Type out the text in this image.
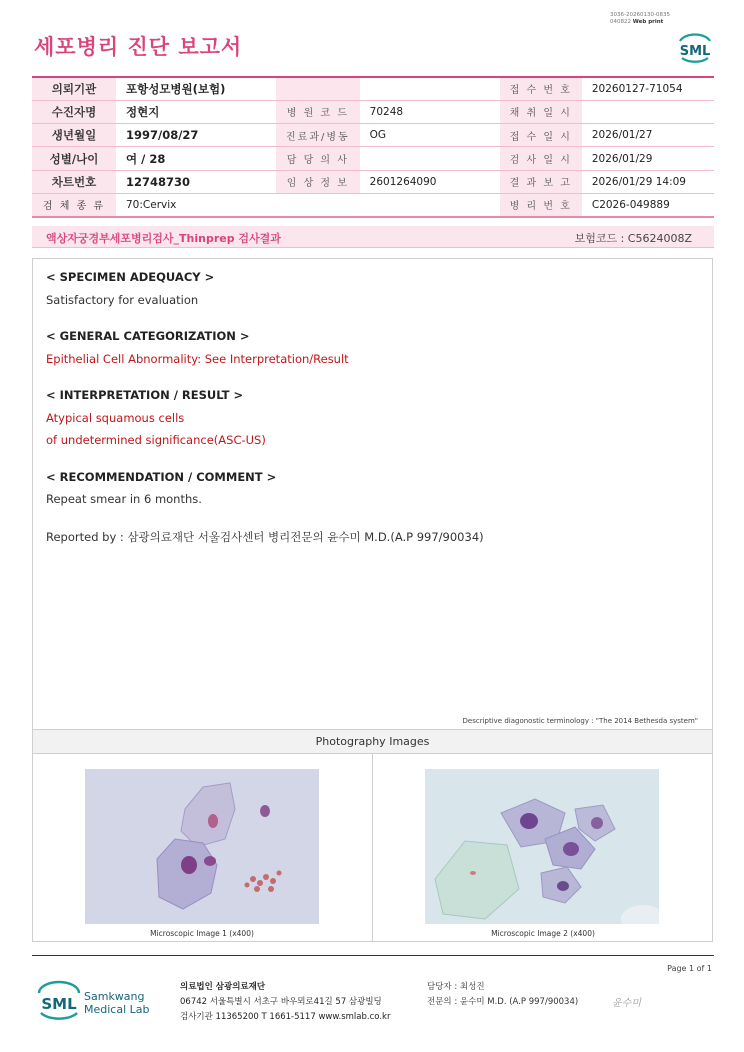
3036-20260130-0835
040822 Web print
세포병리 진단 보고서	SML
의뢰기관	포항성모병원(보험)			접 수 번 호	20260127-71054
수진자명	정현지	병 원 코 드	70248	채 취 일 시	
생년월일	1997/08/27	진료과/병동	OG	접 수 일 시	2026/01/27
성별/나이	여 / 28	담 당 의 사		검 사 일 시	2026/01/29
차트번호	12748730	임 상 정 보	2601264090	결 과 보 고	2026/01/29 14:09
검 체 종 류	70:Cervix			병 리 번 호	C2026-049889
액상자궁경부세포병리검사_Thinprep 검사결과	보험코드 : C5624008Z
< SPECIMEN ADEQUACY >
Satisfactory for evaluation
< GENERAL CATEGORIZATION >
Epithelial Cell Abnormality: See Interpretation/Result
< INTERPRETATION / RESULT >
Atypical squamous cells
of undetermined significance(ASC-US)
< RECOMMENDATION / COMMENT >
Repeat smear in 6 months.
Reported by : 삼광의료재단 서울검사센터 병리전문의 윤수미 M.D.(A.P 997/90034)
Descriptive diagonostic terminology : "The 2014 Bethesda system"
Photography Images
Microscopic Image 1 (x400)	Microscopic Image 2 (x400)
Page 1 of 1
SML Samkwang
Medical Lab
의료법인 삼광의료재단
06742 서울특별시 서초구 바우뫼로41길 57 삼광빌딩
검사기관 11365200 T 1661-5117 www.smlab.co.kr
담당자 : 최성진
전문의 : 윤수미 M.D. (A.P 997/90034)	윤수미
